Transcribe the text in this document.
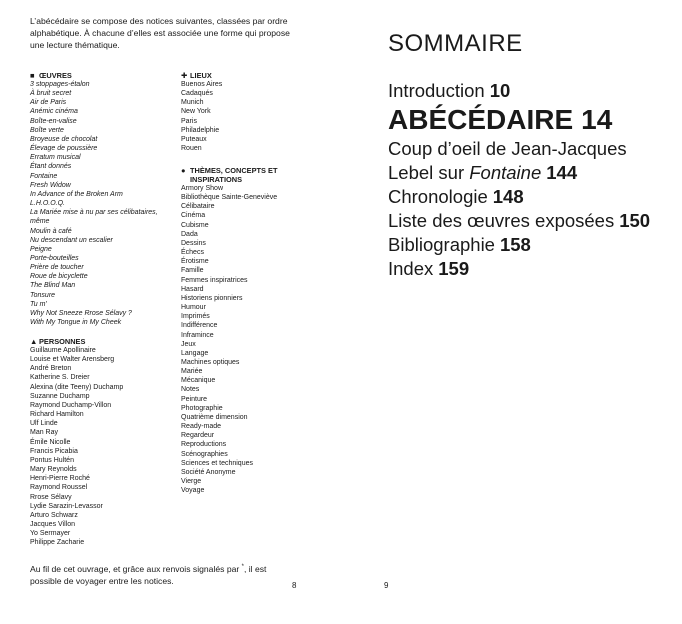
L’abécédaire se compose des notices suivantes, classées par ordre alphabétique. À chacune d’elles est associée une forme qui propose une lecture thématique.

■ ŒUVRES
3 stoppages-étalon
À bruit secret
Air de Paris
Anémic cinéma
Boîte-en-valise
Boîte verte
Broyeuse de chocolat
Élevage de poussière
Erratum musical
Étant donnés
Fontaine
Fresh Widow
In Advance of the Broken Arm
L.H.O.O.Q.
La Mariée mise à nu par ses célibataires, même
Moulin à café
Nu descendant un escalier
Peigne
Porte-bouteilles
Prière de toucher
Roue de bicyclette
The Blind Man
Tonsure
Tu m’
Why Not Sneeze Rrose Sélavy ?
With My Tongue in My Cheek
▲ PERSONNES
Guillaume Apollinaire
Louise et Walter Arensberg
André Breton
Katherine S. Dreier
Alexina (dite Teeny) Duchamp
Suzanne Duchamp
Raymond Duchamp-Villon
Richard Hamilton
Ulf Linde
Man Ray
Émile Nicolle
Francis Picabia
Pontus Hultén
Mary Reynolds
Henri-Pierre Roché
Raymond Roussel
Rrose Sélavy
Lydie Sarazin-Levassor
Arturo Schwarz
Jacques Villon
Yo Sermayer
Philippe Zacharie
✚ LIEUX
Buenos Aires
Cadaqués
Munich
New York
Paris
Philadelphie
Puteaux
Rouen
● THÈMES, CONCEPTS ET INSPIRATIONS
Armory Show
Bibliothèque Sainte-Geneviève
Célibataire
Cinéma
Cubisme
Dada
Dessins
Échecs
Érotisme
Famille
Femmes inspiratrices
Hasard
Historiens pionniers
Humour
Imprimés
Indifférence
Inframince
Jeux
Langage
Machines optiques
Mariée
Mécanique
Notes
Peinture
Photographie
Quatrième dimension
Ready-made
Regardeur
Reproductions
Scénographies
Sciences et techniques
Société Anonyme
Vierge
Voyage

Au fil de cet ouvrage, et grâce aux renvois signalés par *, il est possible de voyager entre les notices.	8
SOMMAIRE
Introduction 10
ABÉCÉDAIRE 14
Coup d’oeil de Jean-Jacques
Lebel sur Fontaine 144
Chronologie 148
Liste des œuvres exposées 150
Bibliographie 158
Index 159
9
